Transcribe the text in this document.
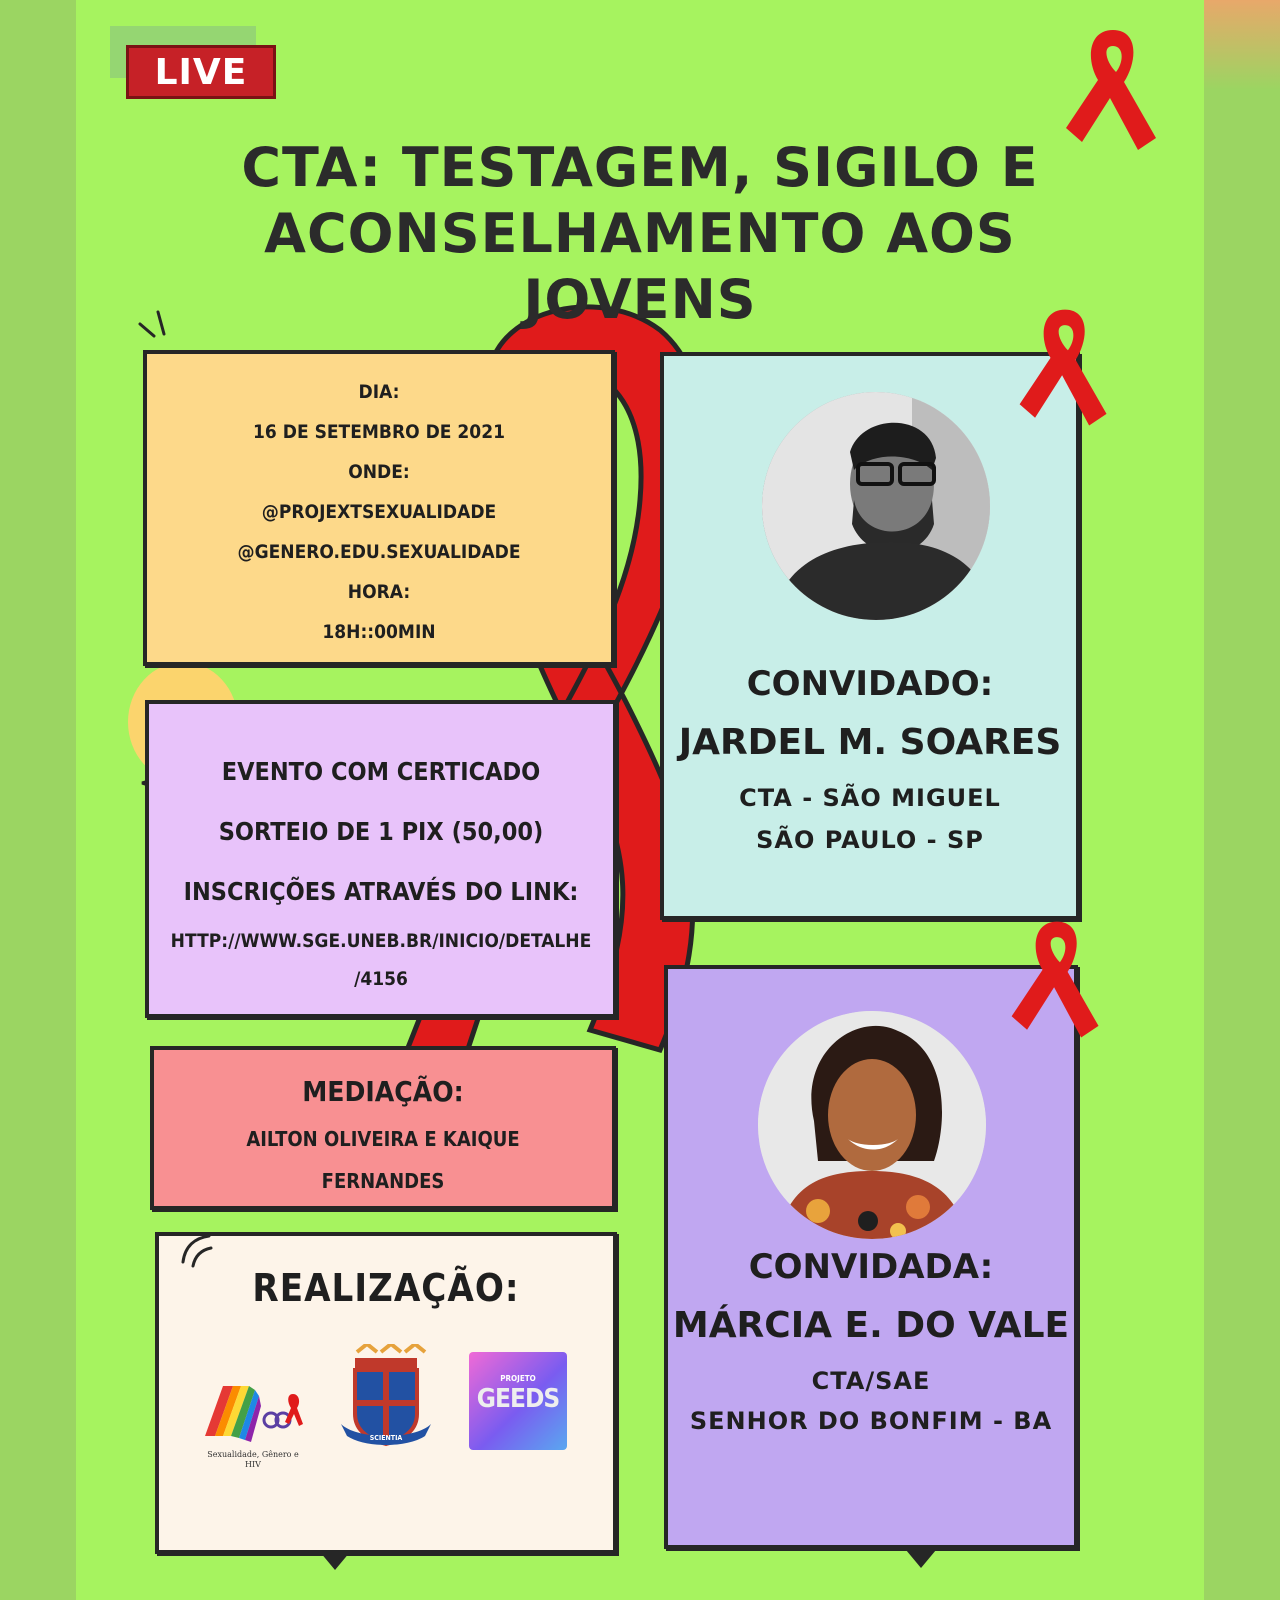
LIVE
CTA: TESTAGEM, SIGILO E
ACONSELHAMENTO AOS JOVENS
DIA:
16 DE SETEMBRO DE 2021
ONDE:
@PROJEXTSEXUALIDADE
@GENERO.EDU.SEXUALIDADE
HORA:
18H::00MIN
EVENTO COM CERTICADO
SORTEIO DE 1 PIX (50,00)
INSCRIÇÕES ATRAVÉS DO LINK:
HTTP://WWW.SGE.UNEB.BR/INICIO/DETALHE
/4156
MEDIAÇÃO:
AILTON OLIVEIRA E KAIQUE
FERNANDES
REALIZAÇÃO:
Sexualidade, Gênero e HIV
SCIENTIA
PROJETO
GEEDS
CONVIDADO:
JARDEL M. SOARES
CTA - SÃO MIGUEL
SÃO PAULO - SP
CONVIDADA:
MÁRCIA E. DO VALE
CTA/SAE
SENHOR DO BONFIM - BA
